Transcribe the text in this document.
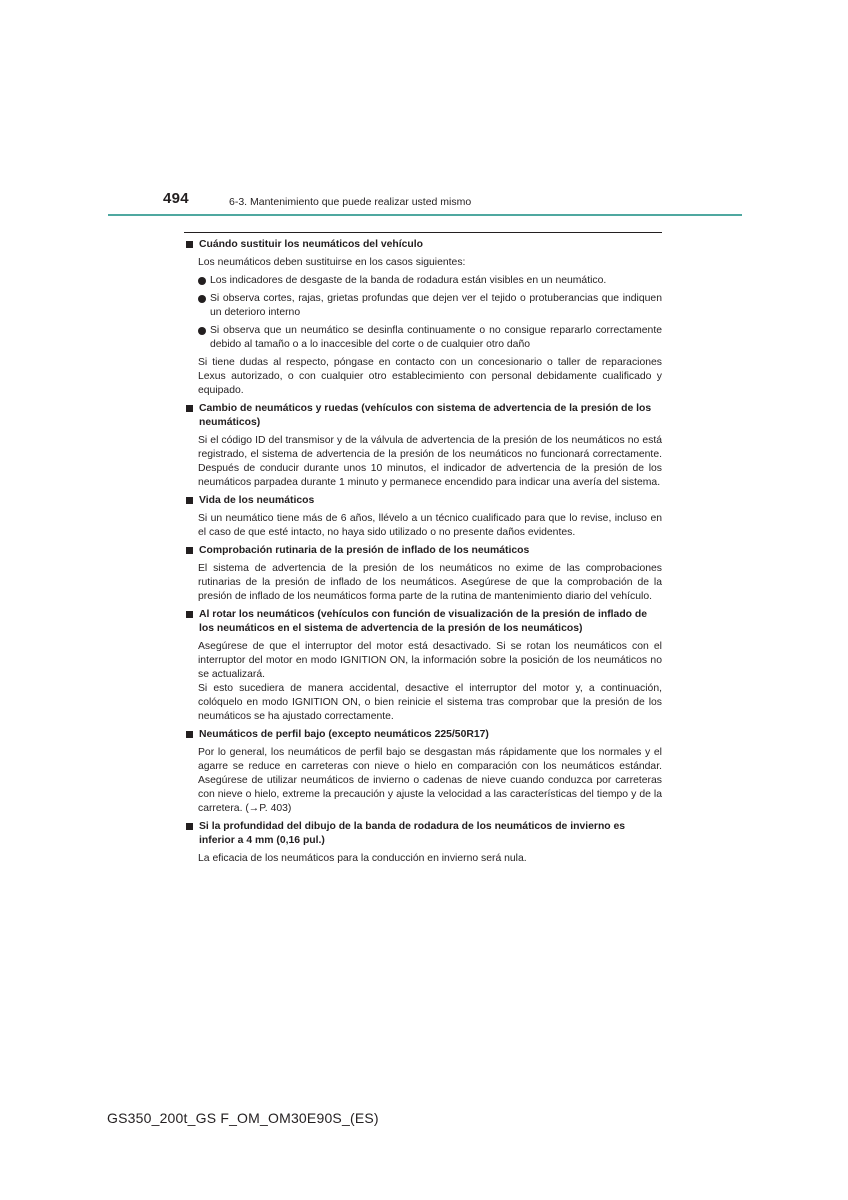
494	6-3. Mantenimiento que puede realizar usted mismo
Cuándo sustituir los neumáticos del vehículo
Los neumáticos deben sustituirse en los casos siguientes:
Los indicadores de desgaste de la banda de rodadura están visibles en un neumático.
Si observa cortes, rajas, grietas profundas que dejen ver el tejido o protuberancias que indiquen un deterioro interno
Si observa que un neumático se desinfla continuamente o no consigue repararlo correctamente debido al tamaño o a lo inaccesible del corte o de cualquier otro daño
Si tiene dudas al respecto, póngase en contacto con un concesionario o taller de reparaciones Lexus autorizado, o con cualquier otro establecimiento con personal debidamente cualificado y equipado.
Cambio de neumáticos y ruedas (vehículos con sistema de advertencia de la presión de los neumáticos)
Si el código ID del transmisor y de la válvula de advertencia de la presión de los neumáticos no está registrado, el sistema de advertencia de la presión de los neumáticos no funcionará correctamente. Después de conducir durante unos 10 minutos, el indicador de advertencia de la presión de los neumáticos parpadea durante 1 minuto y permanece encendido para indicar una avería del sistema.
Vida de los neumáticos
Si un neumático tiene más de 6 años, llévelo a un técnico cualificado para que lo revise, incluso en el caso de que esté intacto, no haya sido utilizado o no presente daños evidentes.
Comprobación rutinaria de la presión de inflado de los neumáticos
El sistema de advertencia de la presión de los neumáticos no exime de las comprobaciones rutinarias de la presión de inflado de los neumáticos. Asegúrese de que la comprobación de la presión de inflado de los neumáticos forma parte de la rutina de mantenimiento diario del vehículo.
Al rotar los neumáticos (vehículos con función de visualización de la presión de inflado de los neumáticos en el sistema de advertencia de la presión de los neumáticos)
Asegúrese de que el interruptor del motor está desactivado. Si se rotan los neumáticos con el interruptor del motor en modo IGNITION ON, la información sobre la posición de los neumáticos no se actualizará.
Si esto sucediera de manera accidental, desactive el interruptor del motor y, a continuación, colóquelo en modo IGNITION ON, o bien reinicie el sistema tras comprobar que la presión de los neumáticos se ha ajustado correctamente.
Neumáticos de perfil bajo (excepto neumáticos 225/50R17)
Por lo general, los neumáticos de perfil bajo se desgastan más rápidamente que los normales y el agarre se reduce en carreteras con nieve o hielo en comparación con los neumáticos estándar. Asegúrese de utilizar neumáticos de invierno o cadenas de nieve cuando conduzca por carreteras con nieve o hielo, extreme la precaución y ajuste la velocidad a las características del tiempo y de la carretera. (→P. 403)
Si la profundidad del dibujo de la banda de rodadura de los neumáticos de invierno es inferior a 4 mm (0,16 pul.)
La eficacia de los neumáticos para la conducción en invierno será nula.
GS350_200t_GS F_OM_OM30E90S_(ES)
